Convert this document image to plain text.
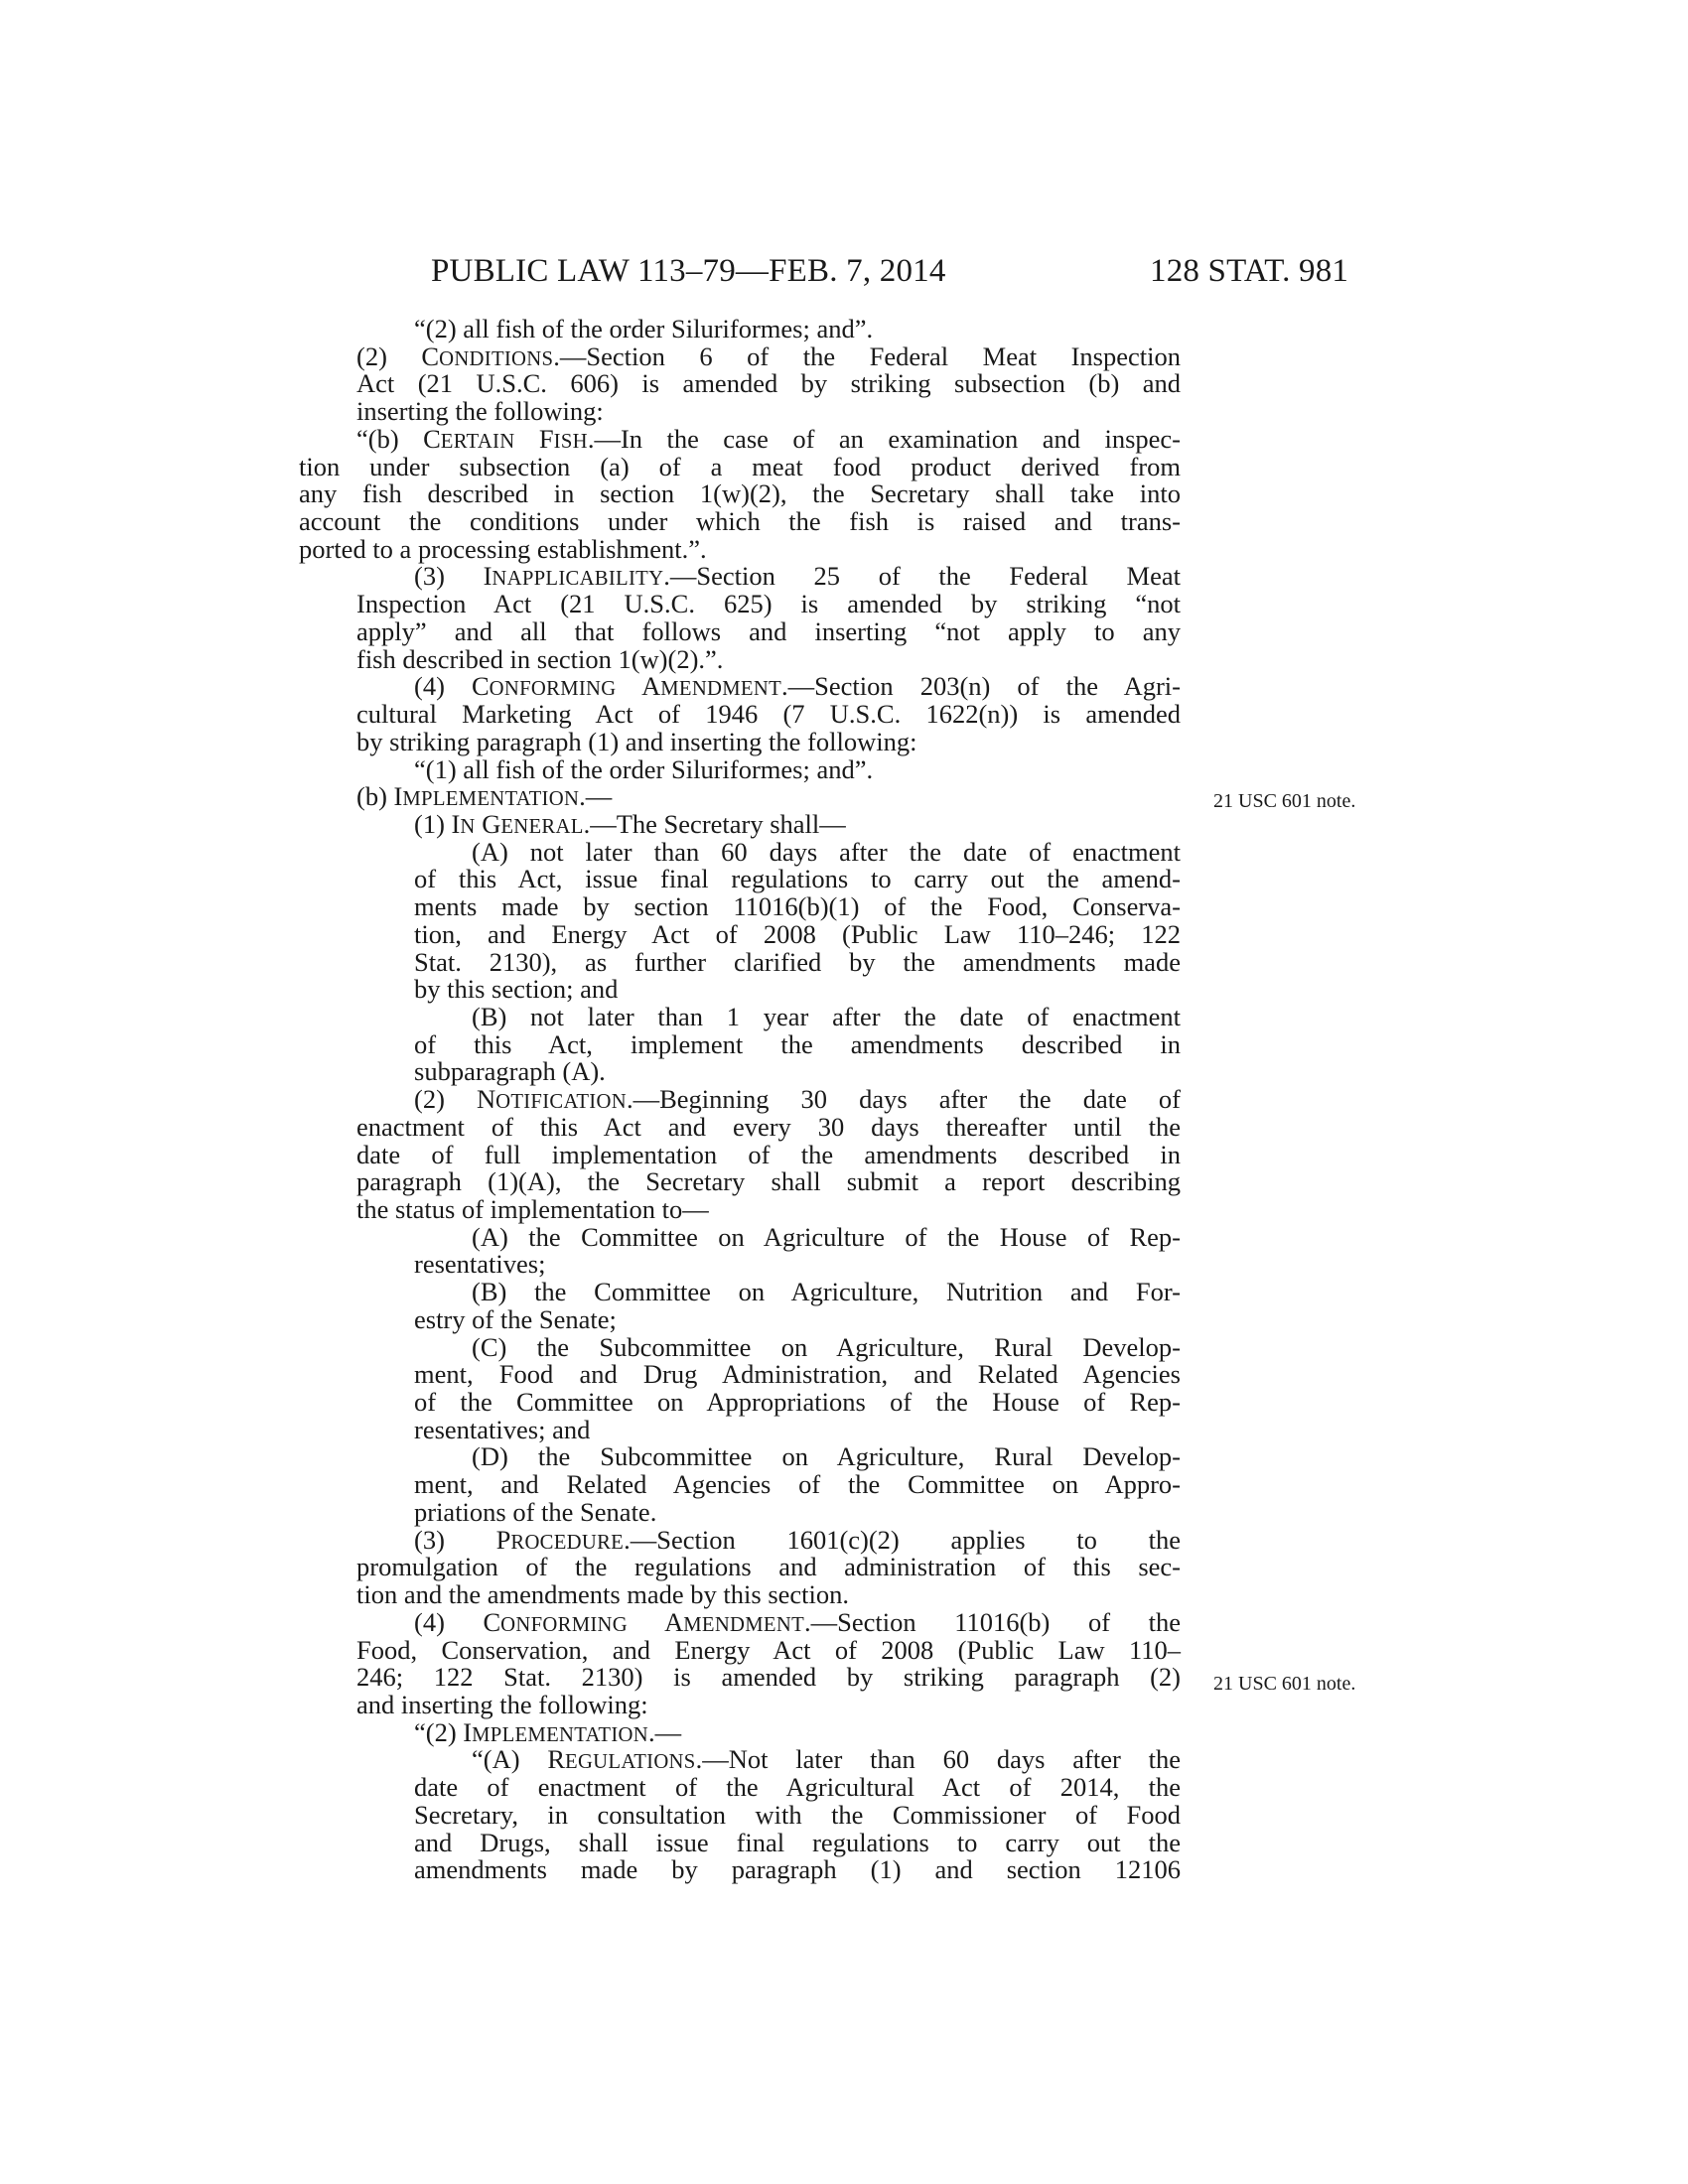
PUBLIC LAW 113–79—FEB. 7, 2014	128 STAT. 981
“(2) all fish of the order Siluriformes; and”.
(2) CONDITIONS.—Section 6 of the Federal Meat Inspection
Act (21 U.S.C. 606) is amended by striking subsection (b) and
inserting the following:
“(b) CERTAIN FISH.—In the case of an examination and inspec-
tion under subsection (a) of a meat food product derived from
any fish described in section 1(w)(2), the Secretary shall take into
account the conditions under which the fish is raised and trans-
ported to a processing establishment.”.
(3) INAPPLICABILITY.—Section 25 of the Federal Meat
Inspection Act (21 U.S.C. 625) is amended by striking “not
apply” and all that follows and inserting “not apply to any
fish described in section 1(w)(2).”.
(4) CONFORMING AMENDMENT.—Section 203(n) of the Agri-
cultural Marketing Act of 1946 (7 U.S.C. 1622(n)) is amended
by striking paragraph (1) and inserting the following:
“(1) all fish of the order Siluriformes; and”.
(b) IMPLEMENTATION.—
(1) IN GENERAL.—The Secretary shall—
(A) not later than 60 days after the date of enactment
of this Act, issue final regulations to carry out the amend-
ments made by section 11016(b)(1) of the Food, Conserva-
tion, and Energy Act of 2008 (Public Law 110–246; 122
Stat. 2130), as further clarified by the amendments made
by this section; and
(B) not later than 1 year after the date of enactment
of this Act, implement the amendments described in
subparagraph (A).
(2) NOTIFICATION.—Beginning 30 days after the date of
enactment of this Act and every 30 days thereafter until the
date of full implementation of the amendments described in
paragraph (1)(A), the Secretary shall submit a report describing
the status of implementation to—
(A) the Committee on Agriculture of the House of Rep-
resentatives;
(B) the Committee on Agriculture, Nutrition and For-
estry of the Senate;
(C) the Subcommittee on Agriculture, Rural Develop-
ment, Food and Drug Administration, and Related Agencies
of the Committee on Appropriations of the House of Rep-
resentatives; and
(D) the Subcommittee on Agriculture, Rural Develop-
ment, and Related Agencies of the Committee on Appro-
priations of the Senate.
(3) PROCEDURE.—Section 1601(c)(2) applies to the
promulgation of the regulations and administration of this sec-
tion and the amendments made by this section.
(4) CONFORMING AMENDMENT.—Section 11016(b) of the
Food, Conservation, and Energy Act of 2008 (Public Law 110–
246; 122 Stat. 2130) is amended by striking paragraph (2)
and inserting the following:
“(2) IMPLEMENTATION.—
“(A) REGULATIONS.—Not later than 60 days after the
date of enactment of the Agricultural Act of 2014, the
Secretary, in consultation with the Commissioner of Food
and Drugs, shall issue final regulations to carry out the
amendments made by paragraph (1) and section 12106
21 USC 601 note.
21 USC 601 note.
